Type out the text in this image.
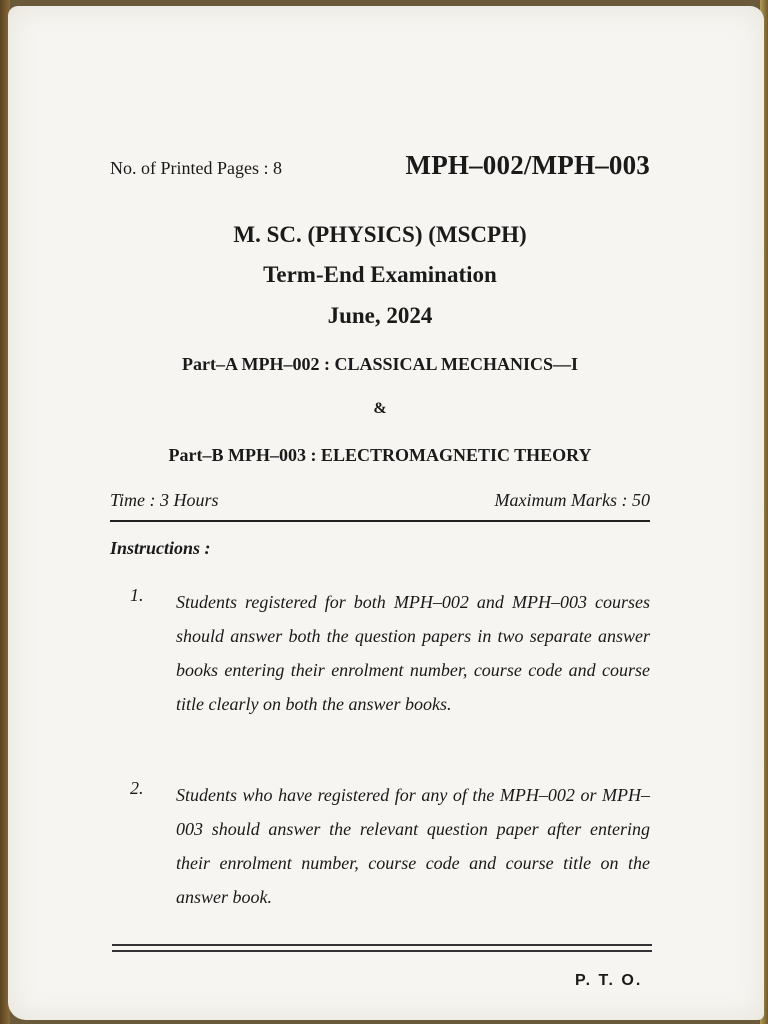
No. of Printed Pages : 8	MPH–002/MPH–003
M. SC. (PHYSICS) (MSCPH)
Term-End Examination
June, 2024
Part–A MPH–002 : CLASSICAL MECHANICS—I
&
Part–B MPH–003 : ELECTROMAGNETIC THEORY
Time : 3 Hours	Maximum Marks : 50
Instructions :
1.	Students registered for both MPH–002 and MPH–003 courses should answer both the question papers in two separate answer books entering their enrolment number, course code and course title clearly on both the answer books.
2.	Students who have registered for any of the MPH–002 or MPH–003 should answer the relevant question paper after entering their enrolment number, course code and course title on the answer book.
P. T. O.
